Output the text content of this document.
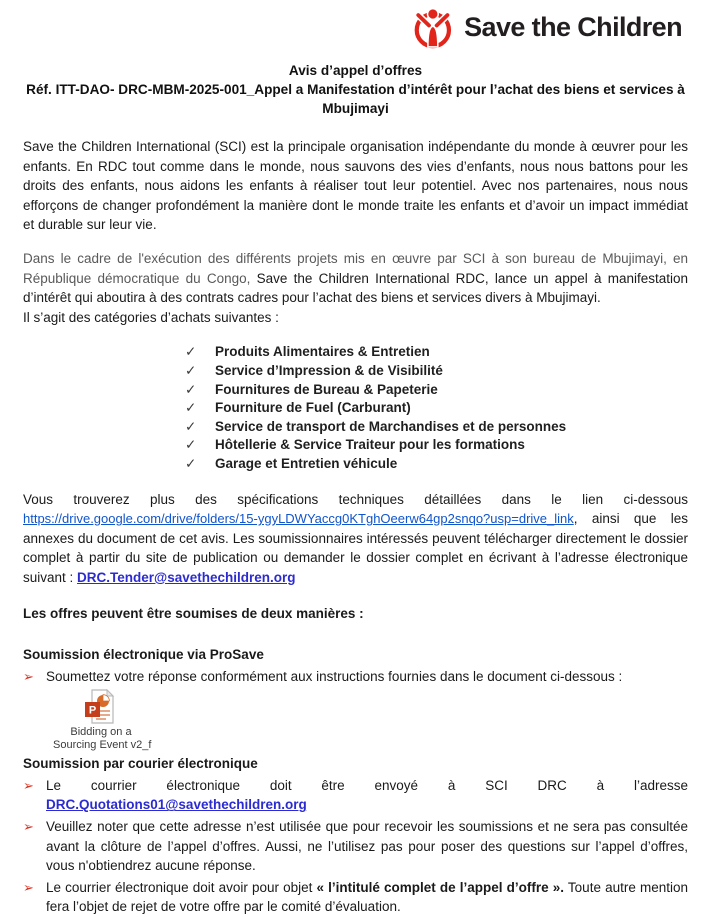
Save the Children
Avis d’appel d’offres
Réf. ITT-DAO- DRC-MBM-2025-001_Appel a Manifestation d’intérêt pour l’achat des biens et services à Mbujimayi
Save the Children International (SCI) est la principale organisation indépendante du monde à œuvrer pour les enfants. En RDC tout comme dans le monde, nous sauvons des vies d’enfants, nous nous battons pour les droits des enfants, nous aidons les enfants à réaliser tout leur potentiel. Avec nos partenaires, nous nous efforçons de changer profondément la manière dont le monde traite les enfants et d’avoir un impact immédiat et durable sur leur vie.
Dans le cadre de l'exécution des différents projets mis en œuvre par SCI à son bureau de Mbujimayi, en République démocratique du Congo, Save the Children International RDC, lance un appel à manifestation d’intérêt qui aboutira à des contrats cadres pour l’achat des biens et services divers à Mbujimayi.
Il s’agit des catégories d’achats suivantes :
✓	Produits Alimentaires & Entretien
✓	Service d’Impression & de Visibilité
✓	Fournitures de Bureau & Papeterie
✓	Fourniture de Fuel (Carburant)
✓	Service de transport de Marchandises et de personnes
✓	Hôtellerie & Service Traiteur pour les formations
✓	Garage et Entretien véhicule
Vous trouverez plus des spécifications techniques détaillées dans le lien ci-dessous https://drive.google.com/drive/folders/15-ygyLDWYaccg0KTghOeerw64gp2snqo?usp=drive_link, ainsi que les annexes du document de cet avis. Les soumissionnaires intéressés peuvent télécharger directement le dossier complet à partir du site de publication ou demander le dossier complet en écrivant à l’adresse électronique suivant : DRC.Tender@savethechildren.org
Les offres peuvent être soumises de deux manières :
Soumission électronique via ProSave
➢ Soumettez votre réponse conformément aux instructions fournies dans le document ci-dessous :
P
Bidding on a
Sourcing Event v2_f
Soumission par courier électronique
➢ Le courrier électronique doit être envoyé à SCI DRC à l’adresse DRC.Quotations01@savethechildren.org
➢ Veuillez noter que cette adresse n’est utilisée que pour recevoir les soumissions et ne sera pas consultée avant la clôture de l’appel d’offres. Aussi, ne l’utilisez pas pour poser des questions sur l’appel d’offres, vous n'obtiendrez aucune réponse.
➢ Le courrier électronique doit avoir pour objet « l’intitulé complet de l’appel d’offre ». Toute autre mention fera l’objet de rejet de votre offre par le comité d’évaluation.
